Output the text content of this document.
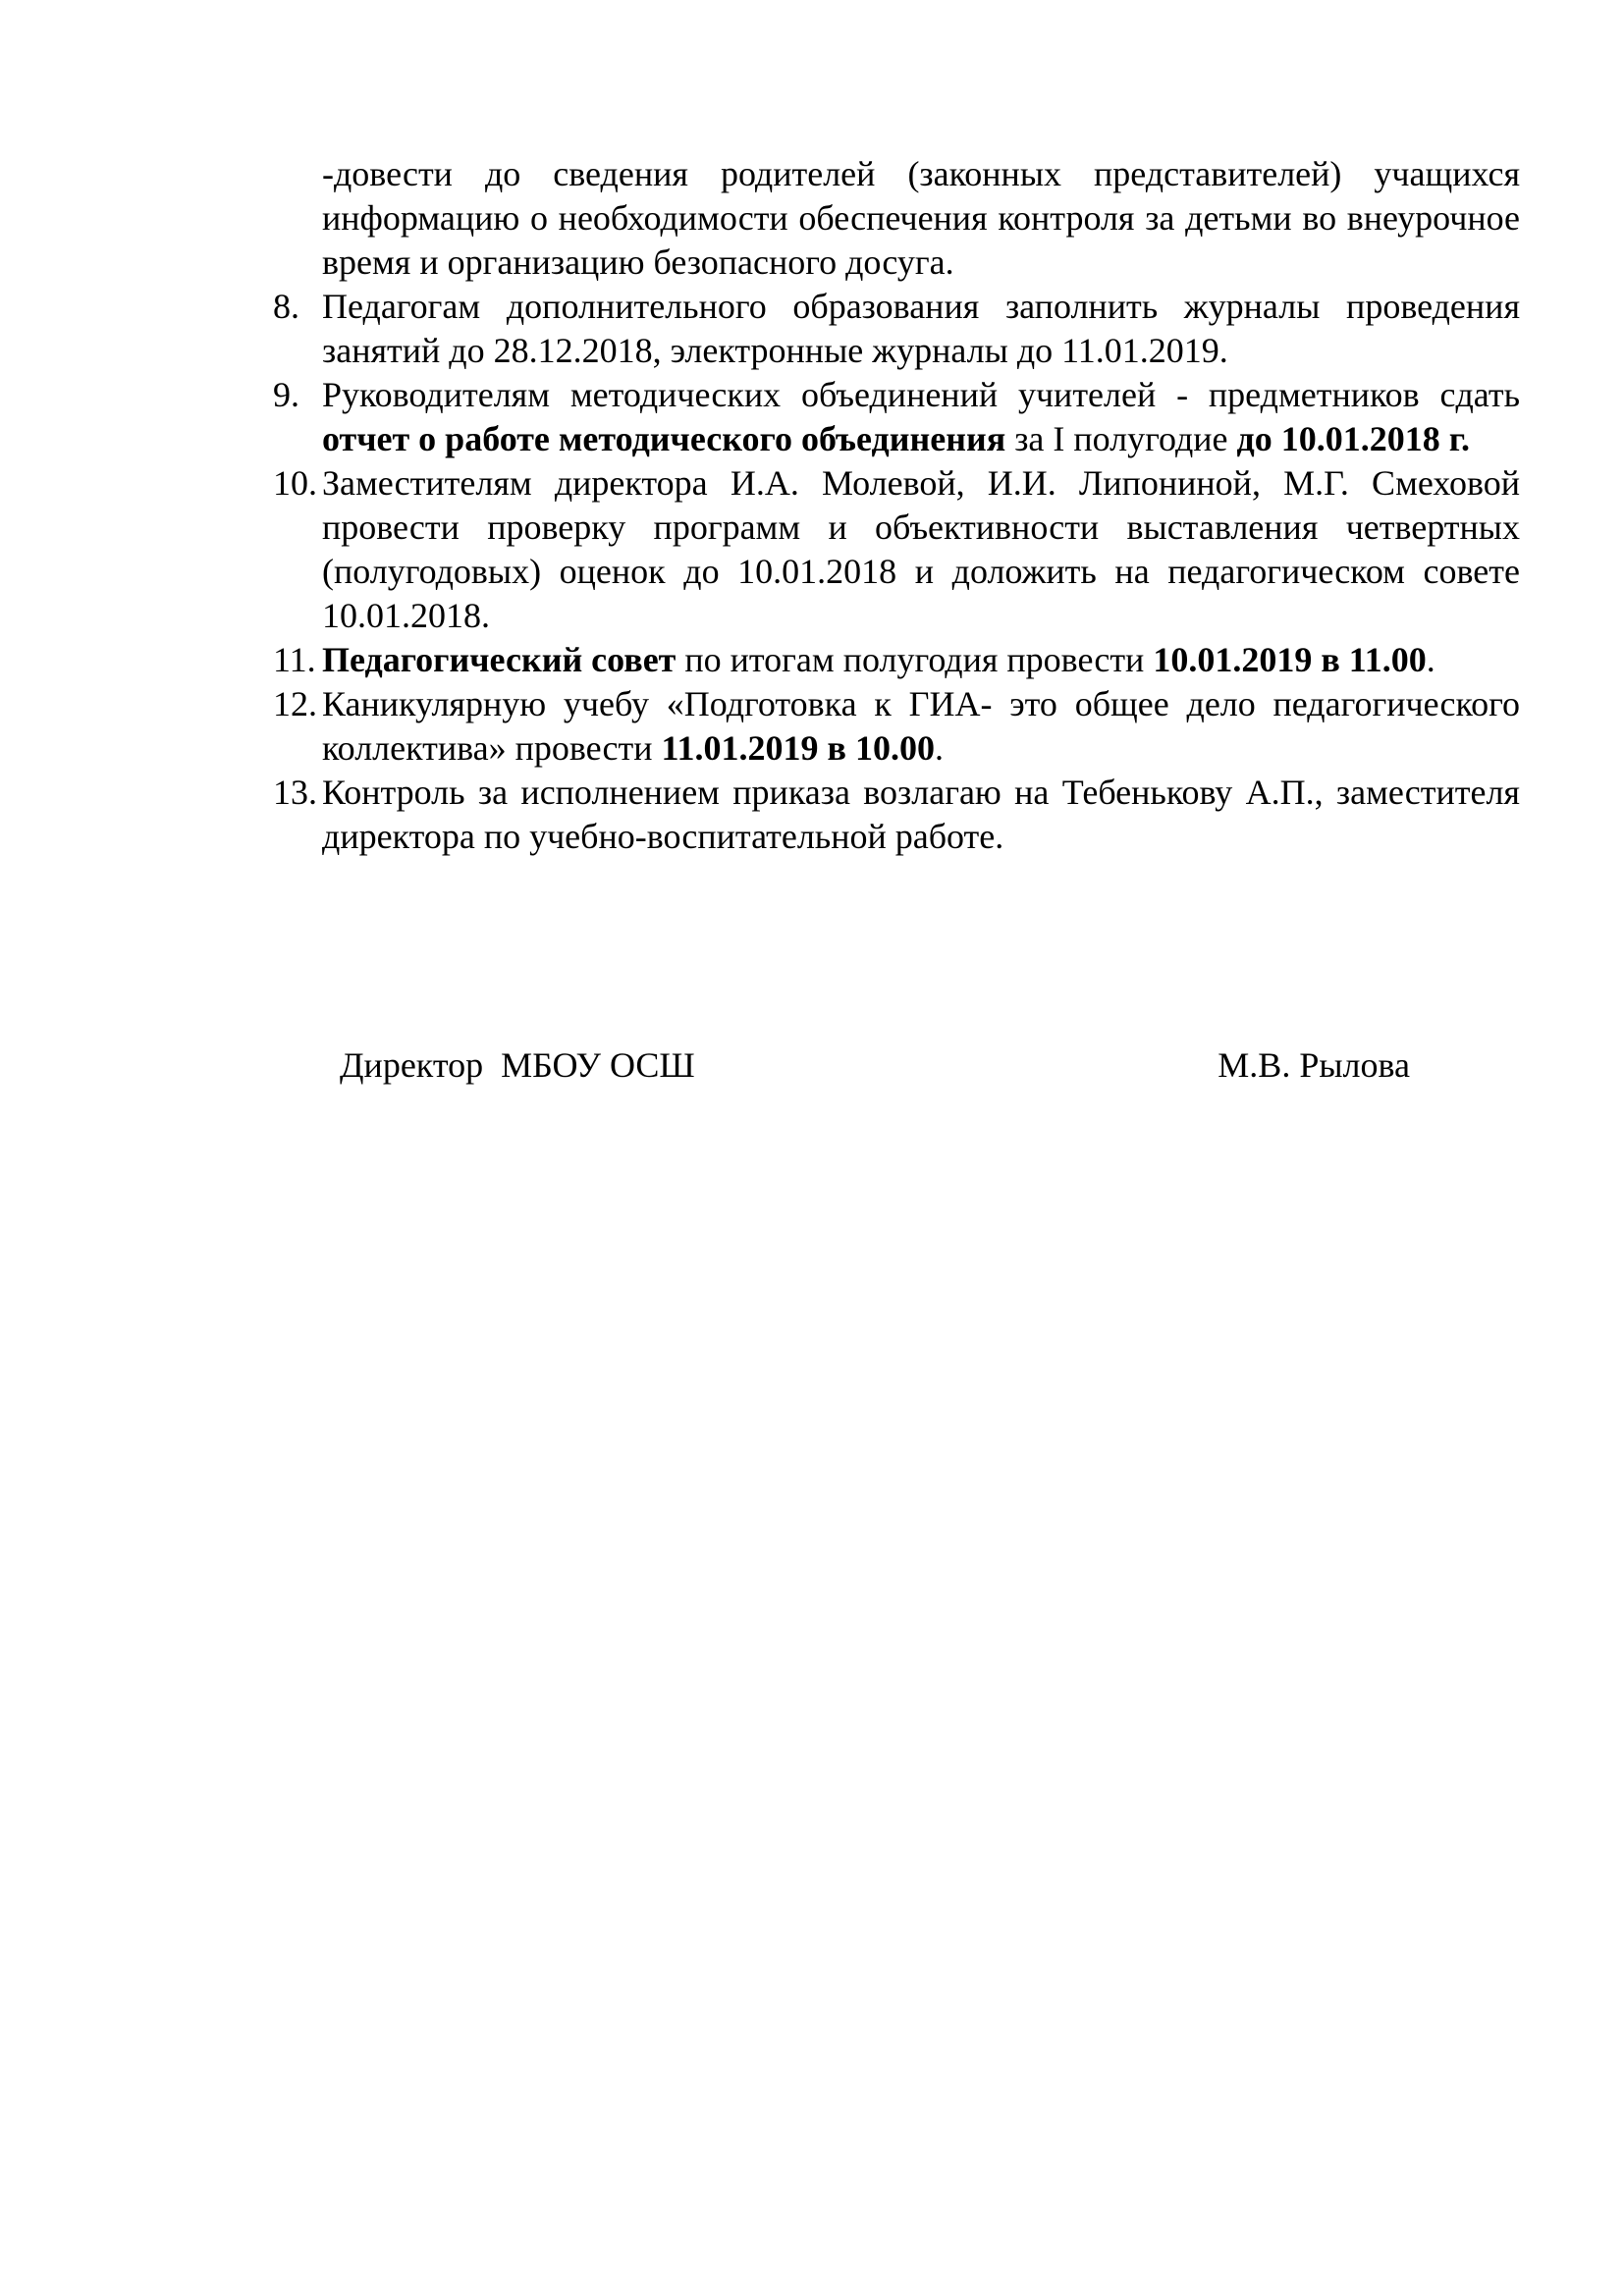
-довести до сведения родителей (законных представителей) учащихся информацию о необходимости обеспечения контроля за детьми во внеурочное время и организацию безопасного досуга.

8. Педагогам дополнительного образования заполнить журналы проведения занятий до 28.12.2018, электронные журналы до 11.01.2019.
9. Руководителям методических объединений учителей - предметников сдать отчет о работе методического объединения за I полугодие до 10.01.2018 г.
10. Заместителям директора И.А. Молевой, И.И. Липониной, М.Г. Смеховой провести проверку программ и объективности выставления четвертных (полугодовых) оценок до 10.01.2018 и доложить на педагогическом совете 10.01.2018.
11. Педагогический совет по итогам полугодия провести 10.01.2019 в 11.00.
12. Каникулярную учебу «Подготовка к ГИА- это общее дело педагогического коллектива» провести 11.01.2019 в 10.00.
13. Контроль за исполнением приказа возлагаю на Тебенькову А.П., заместителя директора по учебно-воспитательной работе.
Директор  МБОУ ОСШ	М.В. Рылова
